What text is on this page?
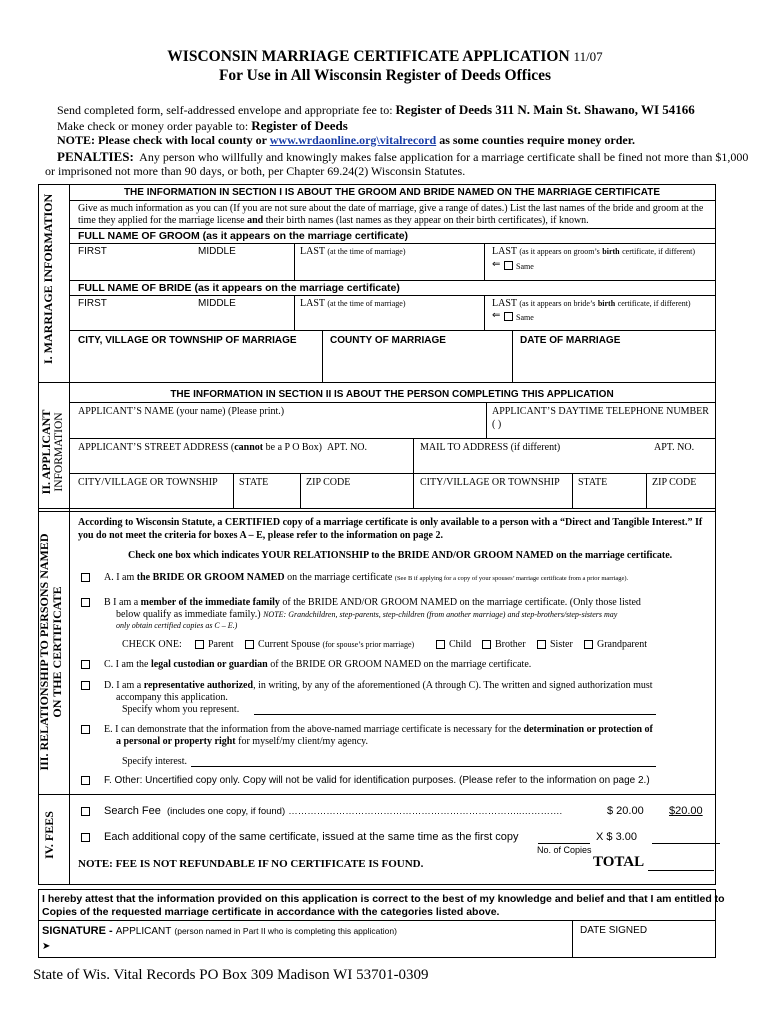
WISCONSIN MARRIAGE CERTIFICATE APPLICATION 11/07
For Use in All Wisconsin Register of Deeds Offices
Send completed form, self-addressed envelope and appropriate fee to: Register of Deeds 311 N. Main St. Shawano, WI 54166
Make check or money order payable to: Register of Deeds
NOTE: Please check with local county or www.wrdaonline.org\vitalrecord as some counties require money order.
PENALTIES: Any person who willfully and knowingly makes false application for a marriage certificate shall be fined not more than $1,000
or imprisoned not more than 90 days, or both, per Chapter 69.24(2) Wisconsin Statutes.
I. MARRIAGE INFORMATION
THE INFORMATION IN SECTION I IS ABOUT THE GROOM AND BRIDE NAMED ON THE MARRIAGE CERTIFICATE
Give as much information as you can (If you are not sure about the date of marriage, give a range of dates.) List the last names of the bride and groom at the
time they applied for the marriage license and their birth names (last names as they appear on their birth certificates), if known.
FULL NAME OF GROOM (as it appears on the marriage certificate)
FIRST	MIDDLE	LAST (at the time of marriage)	LAST (as it appears on groom’s birth certificate, if different)
⇐ Same
FULL NAME OF BRIDE (as it appears on the marriage certificate)
FIRST	MIDDLE	LAST (at the time of marriage)	LAST (as it appears on bride’s birth certificate, if different)
⇐ Same
CITY, VILLAGE OR TOWNSHIP OF MARRIAGE	COUNTY OF MARRIAGE	DATE OF MARRIAGE
II. APPLICANT INFORMATION
THE INFORMATION IN SECTION II IS ABOUT THE PERSON COMPLETING THIS APPLICATION
APPLICANT’S NAME (your name) (Please print.)	APPLICANT’S DAYTIME TELEPHONE NUMBER
( )
APPLICANT’S STREET ADDRESS (cannot be a P O Box) APT. NO.	MAIL TO ADDRESS (if different)	APT. NO.
CITY/VILLAGE OR TOWNSHIP STATE	ZIP CODE	CITY/VILLAGE OR TOWNSHIP STATE	ZIP CODE
III. RELATIONSHIP TO PERSONS NAMED ON THE CERTIFICATE
According to Wisconsin Statute, a CERTIFIED copy of a marriage certificate is only available to a person with a “Direct and Tangible Interest.” If
you do not meet the criteria for boxes A – E, please refer to the information on page 2.
Check one box which indicates YOUR RELATIONSHIP to the BRIDE AND/OR GROOM NAMED on the marriage certificate.
A. I am the BRIDE OR GROOM NAMED on the marriage certificate (See B if applying for a copy of your spouses’ marriage certificate from a prior marriage).
B I am a member of the immediate family of the BRIDE AND/OR GROOM NAMED on the marriage certificate. (Only those listed
below qualify as immediate family.) NOTE: Grandchildren, step-parents, step-children (from another marriage) and step-brothers/step-sisters may
only obtain certified copies as C – E.)
CHECK ONE:	Parent Current Spouse (for spouse’s prior marriage)	Child Brother Sister Grandparent
C. I am the legal custodian or guardian of the BRIDE OR GROOM NAMED on the marriage certificate.
D. I am a representative authorized, in writing, by any of the aforementioned (A through C). The written and signed authorization must
accompany this application.
Specify whom you represent.
E. I can demonstrate that the information from the above-named marriage certificate is necessary for the determination or protection of
a personal or property right for myself/my client/my agency.
Specify interest.
F. Other: Uncertified copy only. Copy will not be valid for identification purposes. (Please refer to the information on page 2.)
IV. FEES
Search Fee (includes one copy, if found) ………………………………………………………………..………….	$ 20.00 $20.00
Each additional copy of the same certificate, issued at the same time as the first copy	X $ 3.00
No. of Copies
NOTE: FEE IS NOT REFUNDABLE IF NO CERTIFICATE IS FOUND.	TOTAL
I hereby attest that the information provided on this application is correct to the best of my knowledge and belief and that I am entitled to
Copies of the requested marriage certificate in accordance with the categories listed above.
SIGNATURE - APPLICANT (person named in Part II who is completing this application)
➤
DATE SIGNED
State of Wis. Vital Records PO Box 309 Madison WI 53701-0309
